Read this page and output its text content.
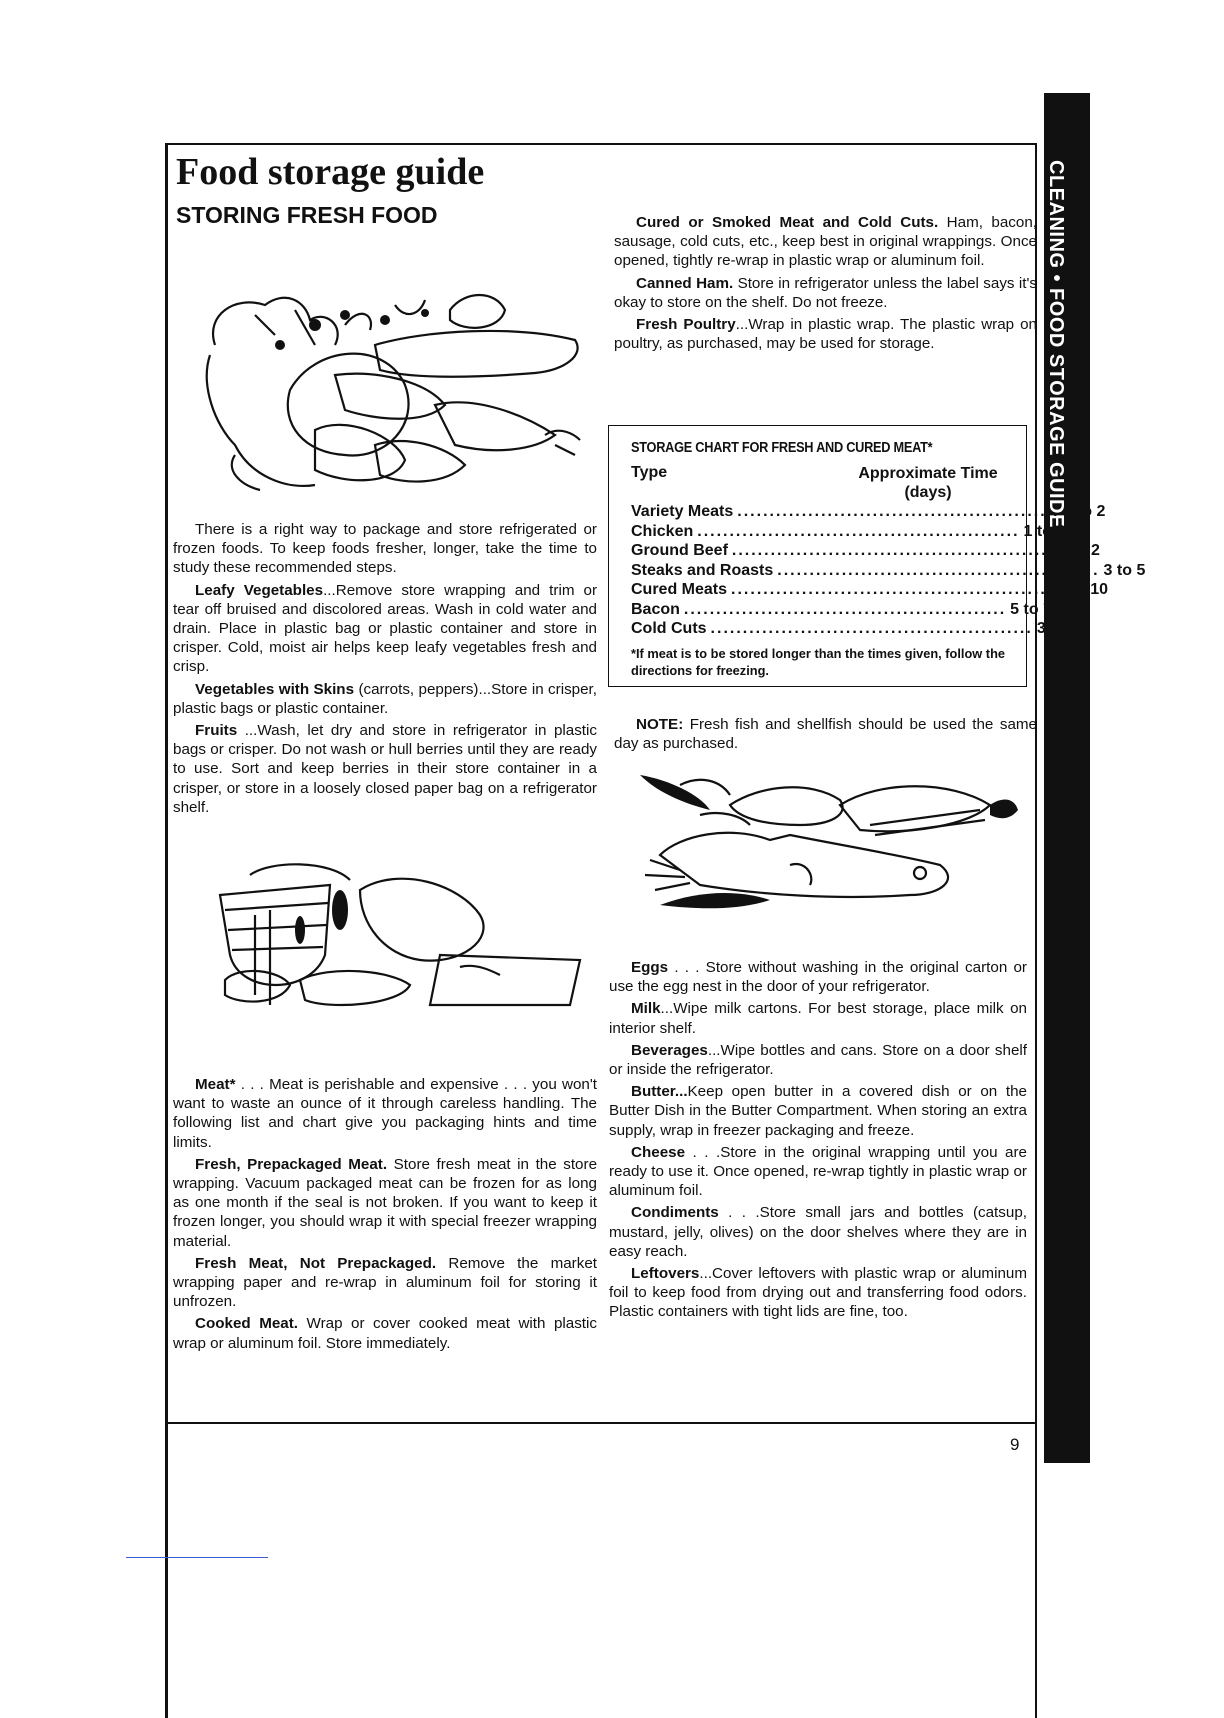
CLEANING • FOOD STORAGE GUIDE
Food storage guide
STORING FRESH FOOD

There is a right way to package and store refrigerated or frozen foods. To keep foods fresher, longer, take the time to study these recommended steps.

Leafy Vegetables...Remove store wrapping and trim or tear off bruised and discolored areas. Wash in cold water and drain. Place in plastic bag or plastic container and store in crisper. Cold, moist air helps keep leafy vegetables fresh and crisp.

Vegetables with Skins (carrots, peppers)...Store in crisper, plastic bags or plastic container.

Fruits ...Wash, let dry and store in refrigerator in plastic bags or crisper. Do not wash or hull berries until they are ready to use. Sort and keep berries in their store container in a crisper, or store in a loosely closed paper bag on a refrigerator shelf.

Meat* . . . Meat is perishable and expensive . . . you won't want to waste an ounce of it through careless handling. The following list and chart give you packaging hints and time limits.

Fresh, Prepackaged Meat. Store fresh meat in the store wrapping. Vacuum packaged meat can be frozen for as long as one month if the seal is not broken. If you want to keep it frozen longer, you should wrap it with special freezer wrapping material.

Fresh Meat, Not Prepackaged. Remove the market wrapping paper and re-wrap in aluminum foil for storing it unfrozen.

Cooked Meat. Wrap or cover cooked meat with plastic wrap or aluminum foil. Store immediately.

Cured or Smoked Meat and Cold Cuts. Ham, bacon, sausage, cold cuts, etc., keep best in original wrappings. Once opened, tightly re-wrap in plastic wrap or aluminum foil.

Canned Ham. Store in refrigerator unless the label says it's okay to store on the shelf. Do not freeze.

Fresh Poultry...Wrap in plastic wrap. The plastic wrap on poultry, as purchased, may be used for storage.

STORAGE CHART FOR FRESH AND CURED MEAT*
Type	Approximate Time (days)
Variety Meats .................................................. 1 to 2
Chicken .................................................. 1 to 2
Ground Beef .................................................. 1 to 2
Steaks and Roasts .................................................. 3 to 5
Cured Meats .................................................. 7 to 10
Bacon .................................................. 5 to 7
Cold Cuts .................................................. 3 to 5
*If meat is to be stored longer than the times given, follow the directions for freezing.

NOTE: Fresh fish and shellfish should be used the same day as purchased.

Eggs . . . Store without washing in the original carton or use the egg nest in the door of your refrigerator.

Milk...Wipe milk cartons. For best storage, place milk on interior shelf.

Beverages...Wipe bottles and cans. Store on a door shelf or inside the refrigerator.

Butter...Keep open butter in a covered dish or on the Butter Dish in the Butter Compartment. When storing an extra supply, wrap in freezer packaging and freeze.

Cheese . . .Store in the original wrapping until you are ready to use it. Once opened, re-wrap tightly in plastic wrap or aluminum foil.

Condiments . . .Store small jars and bottles (catsup, mustard, jelly, olives) on the door shelves where they are in easy reach.

Leftovers...Cover leftovers with plastic wrap or aluminum foil to keep food from drying out and transferring food odors. Plastic containers with tight lids are fine, too.

9
